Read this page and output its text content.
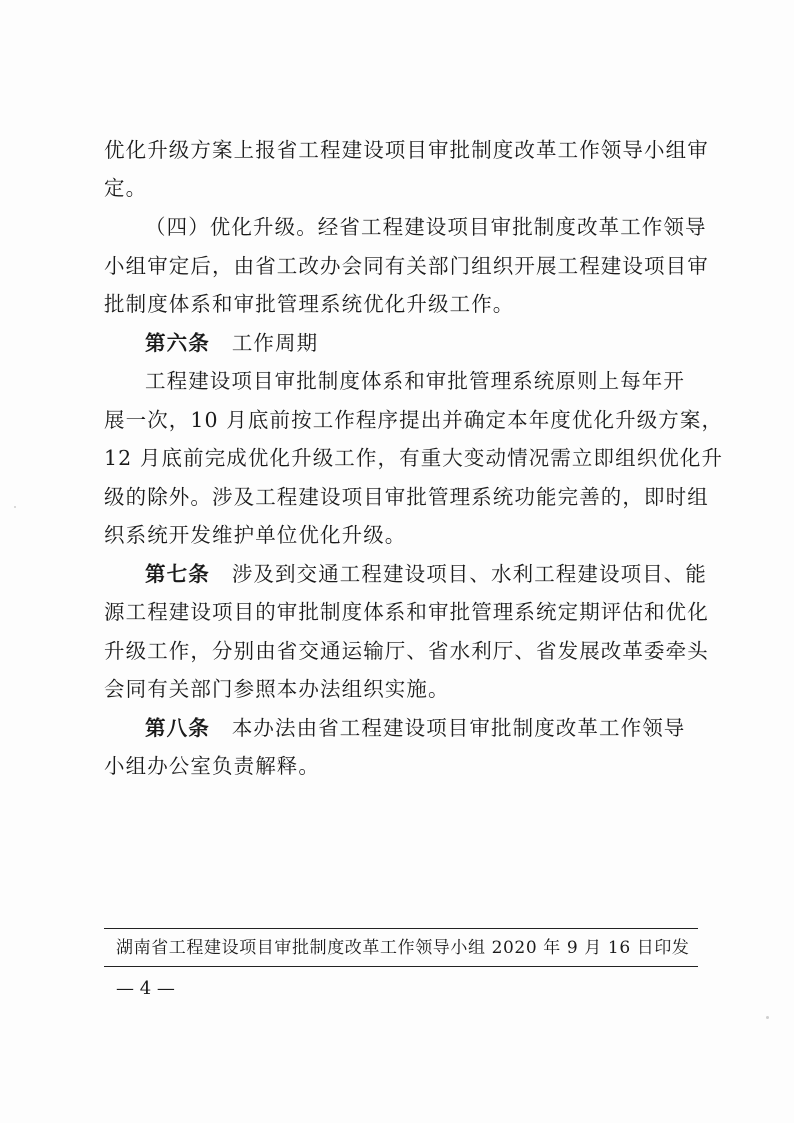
优化升级方案上报省工程建设项目审批制度改革工作领导小组审
定。
（四）优化升级。经省工程建设项目审批制度改革工作领导
小组审定后，由省工改办会同有关部门组织开展工程建设项目审
批制度体系和审批管理系统优化升级工作。
第六条 工作周期
工程建设项目审批制度体系和审批管理系统原则上每年开
展一次，10 月底前按工作程序提出并确定本年度优化升级方案，
12 月底前完成优化升级工作，有重大变动情况需立即组织优化升
级的除外。涉及工程建设项目审批管理系统功能完善的，即时组
织系统开发维护单位优化升级。
第七条 涉及到交通工程建设项目、水利工程建设项目、能
源工程建设项目的审批制度体系和审批管理系统定期评估和优化
升级工作，分别由省交通运输厅、省水利厅、省发展改革委牵头
会同有关部门参照本办法组织实施。
第八条 本办法由省工程建设项目审批制度改革工作领导
小组办公室负责解释。
湖南省工程建设项目审批制度改革工作领导小组 2020 年 9 月 16 日印发
— 4 —
